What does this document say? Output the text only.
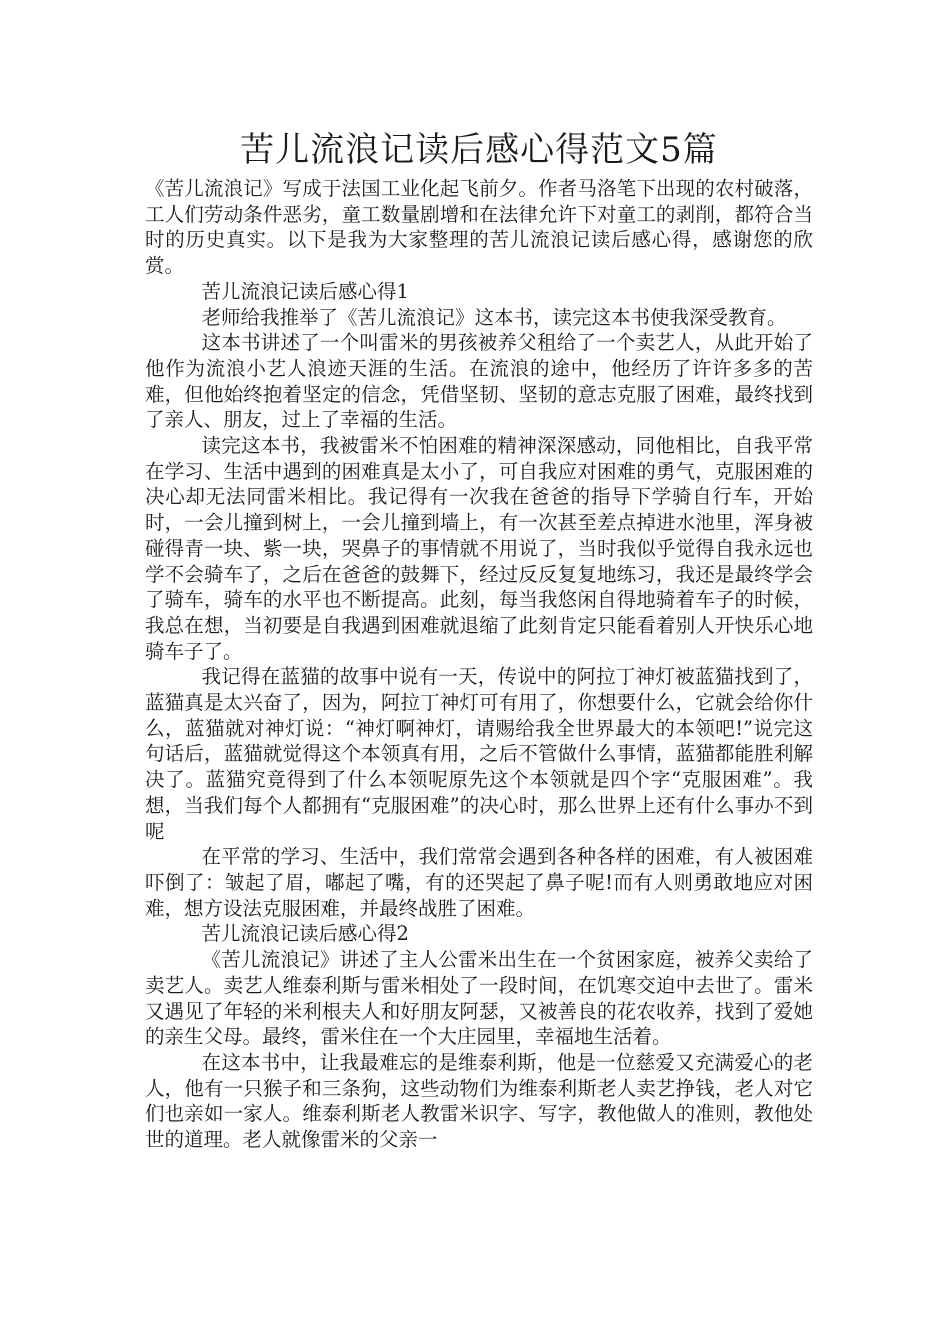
苦儿流浪记读后感心得范文5篇

《苦儿流浪记》写成于法国工业化起飞前夕。作者马洛笔下出现的农村破落，工人们劳动条件恶劣，童工数量剧增和在法律允许下对童工的剥削，都符合当时的历史真实。以下是我为大家整理的苦儿流浪记读后感心得，感谢您的欣赏。

苦儿流浪记读后感心得1

老师给我推举了《苦儿流浪记》这本书，读完这本书使我深受教育。

这本书讲述了一个叫雷米的男孩被养父租给了一个卖艺人，从此开始了他作为流浪小艺人浪迹天涯的生活。在流浪的途中，他经历了许许多多的苦难，但他始终抱着坚定的信念，凭借坚韧、坚韧的意志克服了困难，最终找到了亲人、朋友，过上了幸福的生活。

读完这本书，我被雷米不怕困难的精神深深感动，同他相比，自我平常在学习、生活中遇到的困难真是太小了，可自我应对困难的勇气，克服困难的决心却无法同雷米相比。我记得有一次我在爸爸的指导下学骑自行车，开始时，一会儿撞到树上，一会儿撞到墙上，有一次甚至差点掉进水池里，浑身被碰得青一块、紫一块，哭鼻子的事情就不用说了，当时我似乎觉得自我永远也学不会骑车了，之后在爸爸的鼓舞下，经过反反复复地练习，我还是最终学会了骑车，骑车的水平也不断提高。此刻，每当我悠闲自得地骑着车子的时候，我总在想，当初要是自我遇到困难就退缩了此刻肯定只能看着别人开快乐心地骑车子了。

我记得在蓝猫的故事中说有一天，传说中的阿拉丁神灯被蓝猫找到了，蓝猫真是太兴奋了，因为，阿拉丁神灯可有用了，你想要什么，它就会给你什么，蓝猫就对神灯说：“神灯啊神灯，请赐给我全世界最大的本领吧!”说完这句话后，蓝猫就觉得这个本领真有用，之后不管做什么事情，蓝猫都能胜利解决了。蓝猫究竟得到了什么本领呢原先这个本领就是四个字“克服困难”。我想，当我们每个人都拥有“克服困难”的决心时，那么世界上还有什么事办不到呢

在平常的学习、生活中，我们常常会遇到各种各样的困难，有人被困难吓倒了：皱起了眉，嘟起了嘴，有的还哭起了鼻子呢!而有人则勇敢地应对困难，想方设法克服困难，并最终战胜了困难。

苦儿流浪记读后感心得2

《苦儿流浪记》讲述了主人公雷米出生在一个贫困家庭，被养父卖给了卖艺人。卖艺人维泰利斯与雷米相处了一段时间，在饥寒交迫中去世了。雷米又遇见了年轻的米利根夫人和好朋友阿瑟，又被善良的花农收养，找到了爱她的亲生父母。最终，雷米住在一个大庄园里，幸福地生活着。

在这本书中，让我最难忘的是维泰利斯，他是一位慈爱又充满爱心的老人，他有一只猴子和三条狗，这些动物们为维泰利斯老人卖艺挣钱，老人对它们也亲如一家人。维泰利斯老人教雷米识字、写字，教他做人的准则，教他处世的道理。老人就像雷米的父亲一
